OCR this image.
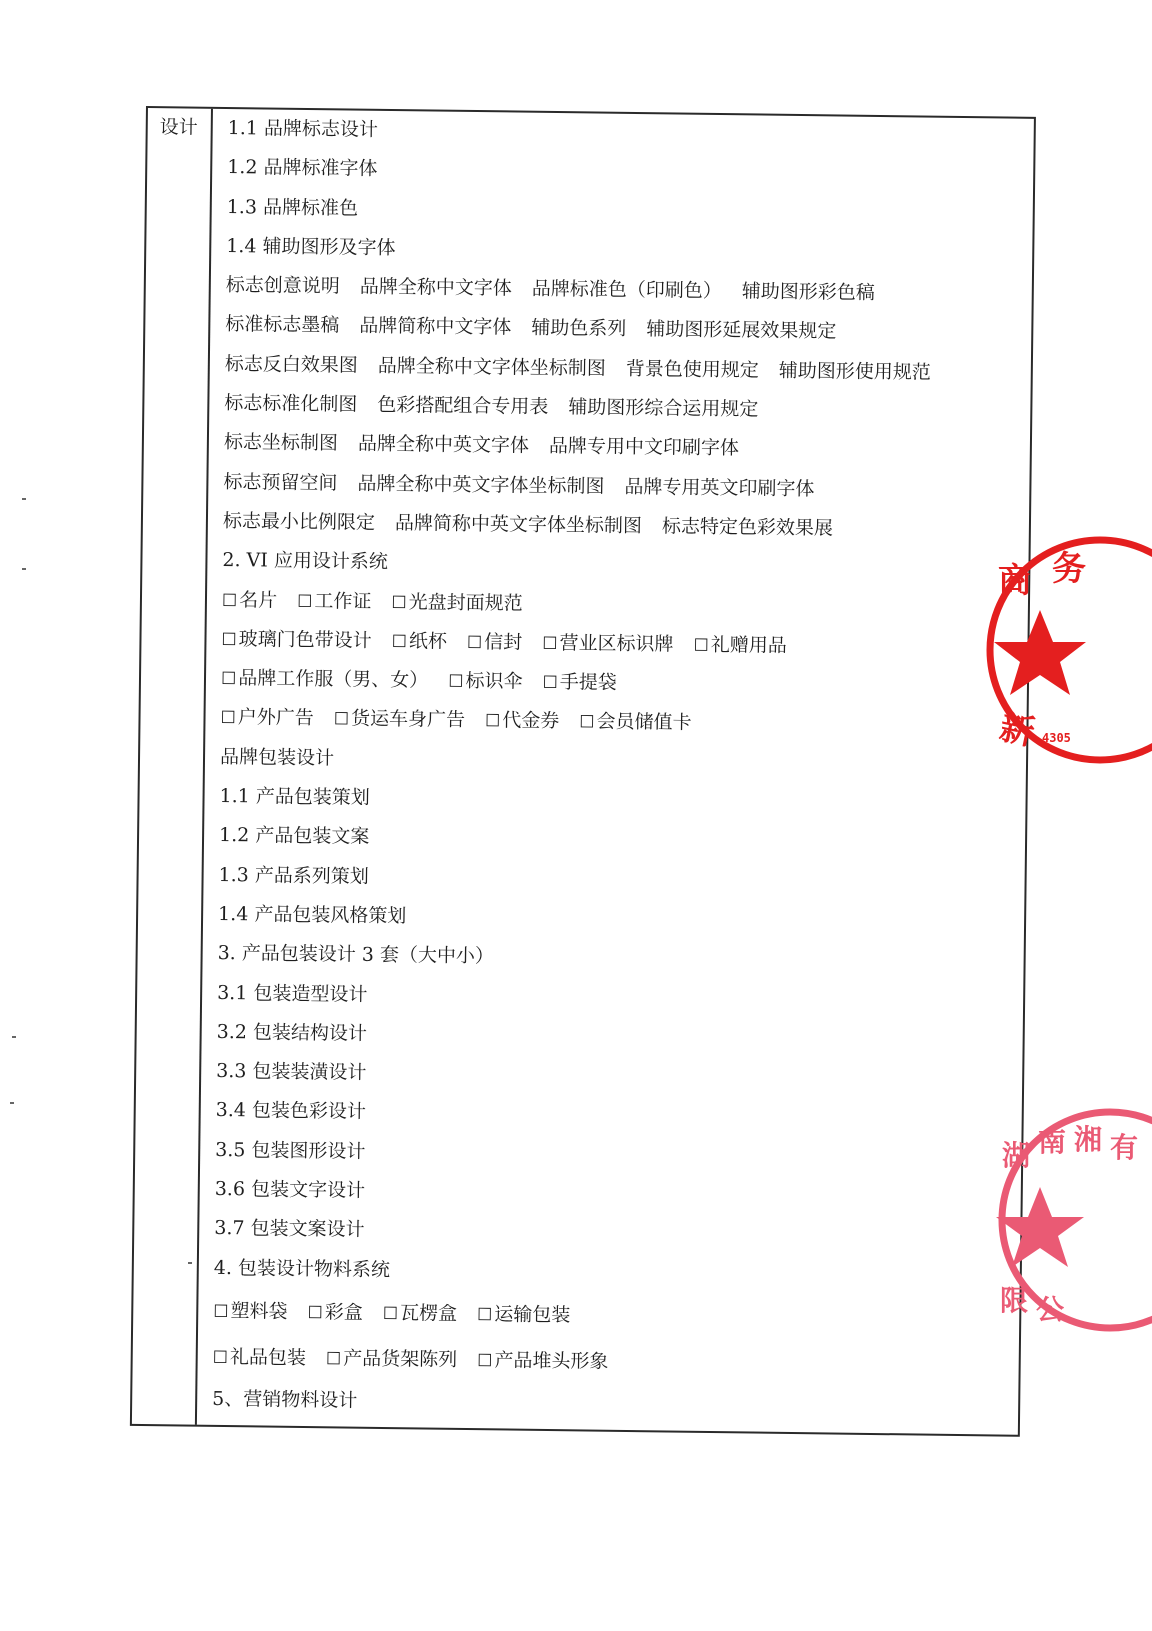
设计 1.1 品牌标志设计
1.2 品牌标准字体
1.3 品牌标准色
1.4 辅助图形及字体
标志创意说明 品牌全称中文字体 品牌标准色（印刷色） 辅助图形彩色稿
标准标志墨稿 品牌简称中文字体 辅助色系列 辅助图形延展效果规定
标志反白效果图 品牌全称中文字体坐标制图 背景色使用规定 辅助图形使用规范
标志标准化制图 色彩搭配组合专用表 辅助图形综合运用规定
标志坐标制图 品牌全称中英文字体 品牌专用中文印刷字体
标志预留空间 品牌全称中英文字体坐标制图 品牌专用英文印刷字体
标志最小比例限定 品牌简称中英文字体坐标制图 标志特定色彩效果展
2. VI 应用设计系统
☐ 名片 ☐ 工作证 ☐ 光盘封面规范
☐ 玻璃门色带设计 ☐ 纸杯 ☐ 信封 ☐ 营业区标识牌 ☐ 礼赠用品
☐ 品牌工作服（男、女） ☐ 标识伞 ☐ 手提袋
☐ 户外广告 ☐ 货运车身广告 ☐ 代金券 ☐ 会员储值卡
品牌包装设计
1.1 产品包装策划
1.2 产品包装文案
1.3 产品系列策划
1.4 产品包装风格策划
3. 产品包装设计 3 套（大中小）
3.1 包装造型设计
3.2 包装结构设计
3.3 包装装潢设计
3.4 包装色彩设计
3.5 包装图形设计
3.6 包装文字设计
3.7 包装文案设计
4. 包装设计物料系统
☐ 塑料袋 ☐ 彩盒 ☐ 瓦楞盒 ☐ 运输包装
☐ 礼品包装 ☐ 产品货架陈列 ☐ 产品堆头形象
5、营销物料设计
商 务
新 4305
湖 南 湘 有
限 公
